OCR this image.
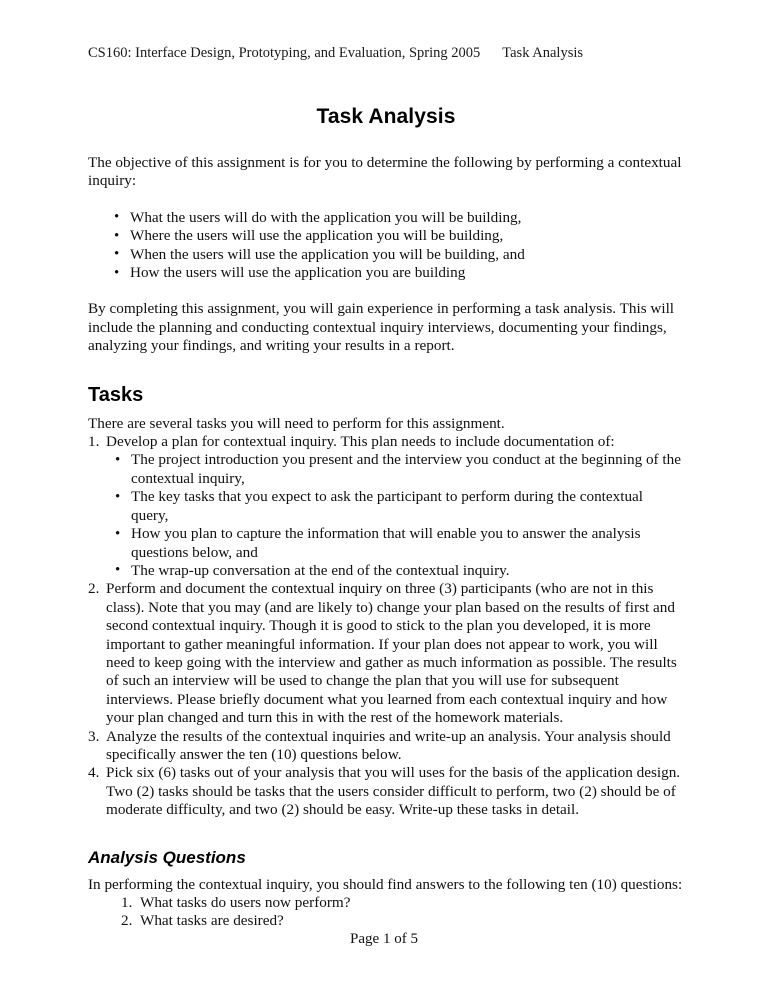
CS160: Interface Design, Prototyping, and Evaluation, Spring 2005 Task Analysis
Task Analysis

The objective of this assignment is for you to determine the following by performing a contextual inquiry:

• What the users will do with the application you will be building,
• Where the users will use the application you will be building,
• When the users will use the application you will be building, and
• How the users will use the application you are building

By completing this assignment, you will gain experience in performing a task analysis. This will include the planning and conducting contextual inquiry interviews, documenting your findings, analyzing your findings, and writing your results in a report.

Tasks

There are several tasks you will need to perform for this assignment.

Develop a plan for contextual inquiry. This plan needs to include documentation of:
• The project introduction you present and the interview you conduct at the beginning of the contextual inquiry,
• The key tasks that you expect to ask the participant to perform during the contextual query,
• How you plan to capture the information that will enable you to answer the analysis questions below, and
• The wrap-up conversation at the end of the contextual inquiry.
Perform and document the contextual inquiry on three (3) participants (who are not in this class). Note that you may (and are likely to) change your plan based on the results of first and second contextual inquiry. Though it is good to stick to the plan you developed, it is more important to gather meaningful information. If your plan does not appear to work, you will need to keep going with the interview and gather as much information as possible. The results of such an interview will be used to change the plan that you will use for subsequent interviews. Please briefly document what you learned from each contextual inquiry and how your plan changed and turn this in with the rest of the homework materials.
Analyze the results of the contextual inquiries and write-up an analysis. Your analysis should specifically answer the ten (10) questions below.
Pick six (6) tasks out of your analysis that you will uses for the basis of the application design. Two (2) tasks should be tasks that the users consider difficult to perform, two (2) should be of moderate difficulty, and two (2) should be easy. Write-up these tasks in detail.
Analysis Questions

In performing the contextual inquiry, you should find answers to the following ten (10) questions:

What tasks do users now perform?
What tasks are desired?
Page 1 of 5
